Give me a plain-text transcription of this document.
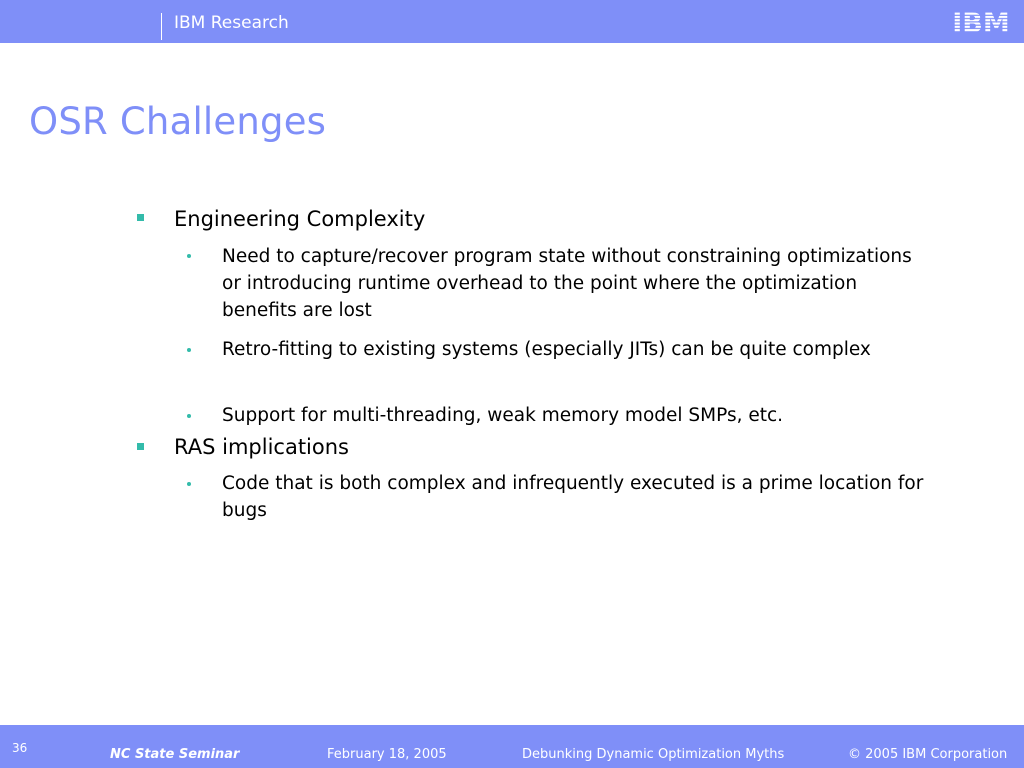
IBM Research	IBM
OSR Challenges
Engineering Complexity
Need to capture/recover program state without constraining optimizations or introducing runtime overhead to the point where the optimization benefits are lost
Retro-fitting to existing systems (especially JITs) can be quite complex
Support for multi-threading, weak memory model SMPs, etc.
RAS implications
Code that is both complex and infrequently executed is a prime location for bugs
36	NC State Seminar	February 18, 2005	Debunking Dynamic Optimization Myths	© 2005 IBM Corporation
